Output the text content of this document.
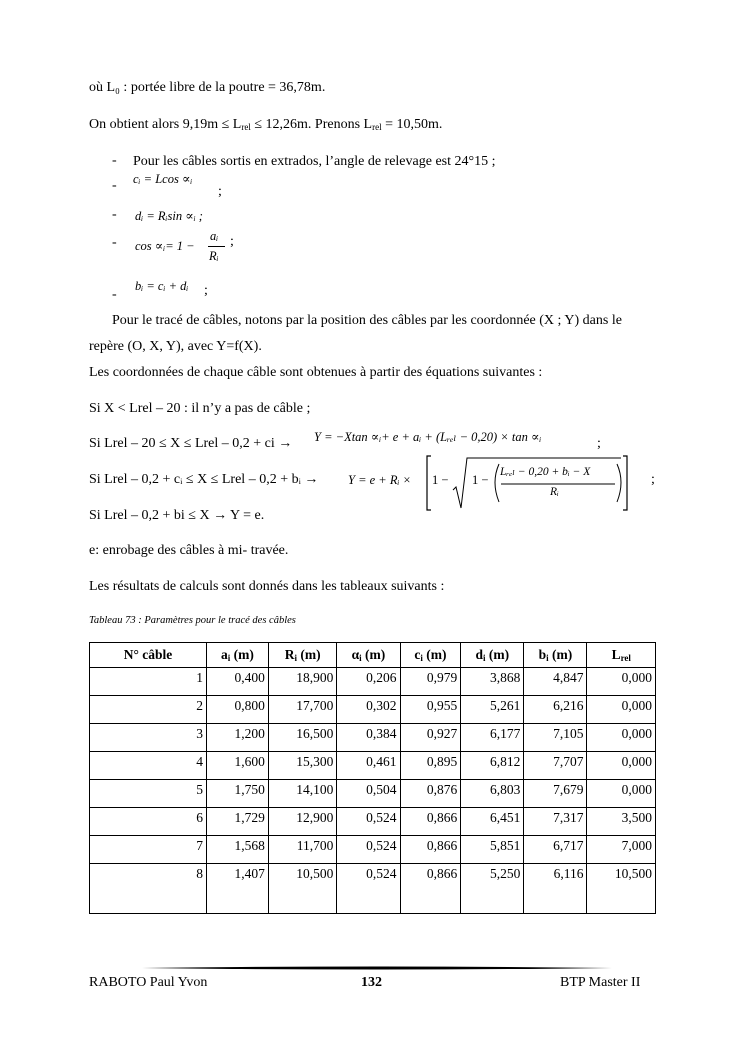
où L₀ : portée libre de la poutre = 36,78m.
On obtient alors 9,19m ≤ Lrel ≤ 12,26m. Prenons Lrel = 10,50m.
- Pour les câbles sortis en extrados, l’angle de relevage est 24°15 ;
- cᵢ = Lcos ∝ᵢ
;
- dᵢ = Rᵢsin ∝ᵢ ;
- cos ∝ᵢ= 1 −
aᵢ
Rᵢ
;
-
bᵢ = cᵢ + dᵢ ;
Pour le tracé de câbles, notons par la position des câbles par les coordonnée (X ; Y) dans le
repère (O, X, Y), avec Y=f(X).
Les coordonnées de chaque câble sont obtenues à partir des équations suivantes :
Si X < Lrel – 20 : il n’y a pas de câble ;
Si Lrel – 20 ≤ X ≤ Lrel – 0,2 + ci → Y = −Xtan ∝ᵢ+ e + aᵢ + (Lᵣₑₗ − 0,20) × tan ∝ᵢ	;
Si Lrel – 0,2 + cᵢ ≤ X ≤ Lrel – 0,2 + bᵢ → Y = e + Rᵢ × 1 − 1 −
Lᵣₑₗ − 0,20 + bᵢ − X
Rᵢ
;
Si Lrel – 0,2 + bi ≤ X → Y = e.
e: enrobage des câbles à mi- travée.
Les résultats de calculs sont donnés dans les tableaux suivants :
Tableau 73 : Paramètres pour le tracé des câbles
N° câble	$a_i$ (m)	$R_i$ (m)	$\alpha_i$ (m)	$c_i$ (m)	$d_i$ (m)	$b_i$ (m)	$L_{rel}$
1	0,400	18,900	0,206	0,979	3,868	4,847	0,000
2	0,800	17,700	0,302	0,955	5,261	6,216	0,000
3	1,200	16,500	0,384	0,927	6,177	7,105	0,000
4	1,600	15,300	0,461	0,895	6,812	7,707	0,000
5	1,750	14,100	0,504	0,876	6,803	7,679	0,000
6	1,729	12,900	0,524	0,866	6,451	7,317	3,500
7	1,568	11,700	0,524	0,866	5,851	6,717	7,000
8	1,407	10,500	0,524	0,866	5,250	6,116	10,500
RABOTO Paul Yvon	132	BTP Master II
